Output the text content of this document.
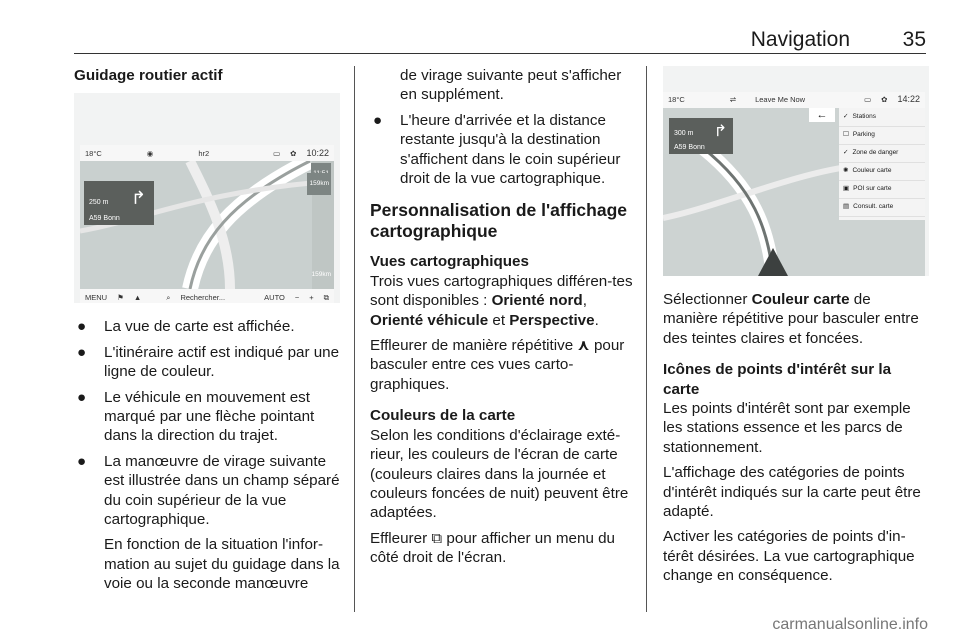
Navigation	35
Guidage routier actif
18°C	◉	hr2	▭ ✿ 10:22
250 m
A59 Bonn
↱
159km
159km
MENU ⚑ ▲	⌕ Rechercher...	AUTO − + ⧉
● La vue de carte est affichée.
● L'itinéraire actif est indiqué par une ligne de couleur.
● Le véhicule en mouvement est marqué par une flèche pointant dans la direction du trajet.
● La manœuvre de virage suivante est illustrée dans un champ séparé du coin supérieur de la vue cartographique.

En fonction de la situation l'infor-mation au sujet du guidage dans la voie ou la seconde manœuvre

de virage suivante peut s'afficher en supplément.

● L'heure d'arrivée et la distance restante jusqu'à la destination s'affichent dans le coin supérieur droit de la vue cartographique.
Personnalisation de l'affichage cartographique
Vues cartographiques

Trois vues cartographiques différen-tes sont disponibles : Orienté nord, Orienté véhicule et Perspective.

Effleurer de manière répétitive ⋏ pour basculer entre ces vues carto-graphiques.

Couleurs de la carte

Selon les conditions d'éclairage exté-rieur, les couleurs de l'écran de carte (couleurs claires dans la journée et couleurs foncées de nuit) peuvent être adaptées.

Effleurer ⧉ pour afficher un menu du côté droit de l'écran.

18°C	⇌	Leave Me Now	▭ ✿ 14:22
300 m
A59 Bonn
↱
←	✓ Stations
☐ Parking
✓ Zone de danger
✺ Couleur carte
▣ POI sur carte
▤ Consult. carte

Sélectionner Couleur carte de manière répétitive pour basculer entre des teintes claires et foncées.

Icônes de points d'intérêt sur la carte

Les points d'intérêt sont par exemple les stations essence et les parcs de stationnement.

L'affichage des catégories de points d'intérêt indiqués sur la carte peut être adapté.

Activer les catégories de points d'in-térêt désirées. La vue cartographique change en conséquence.

carmanualsonline.info
